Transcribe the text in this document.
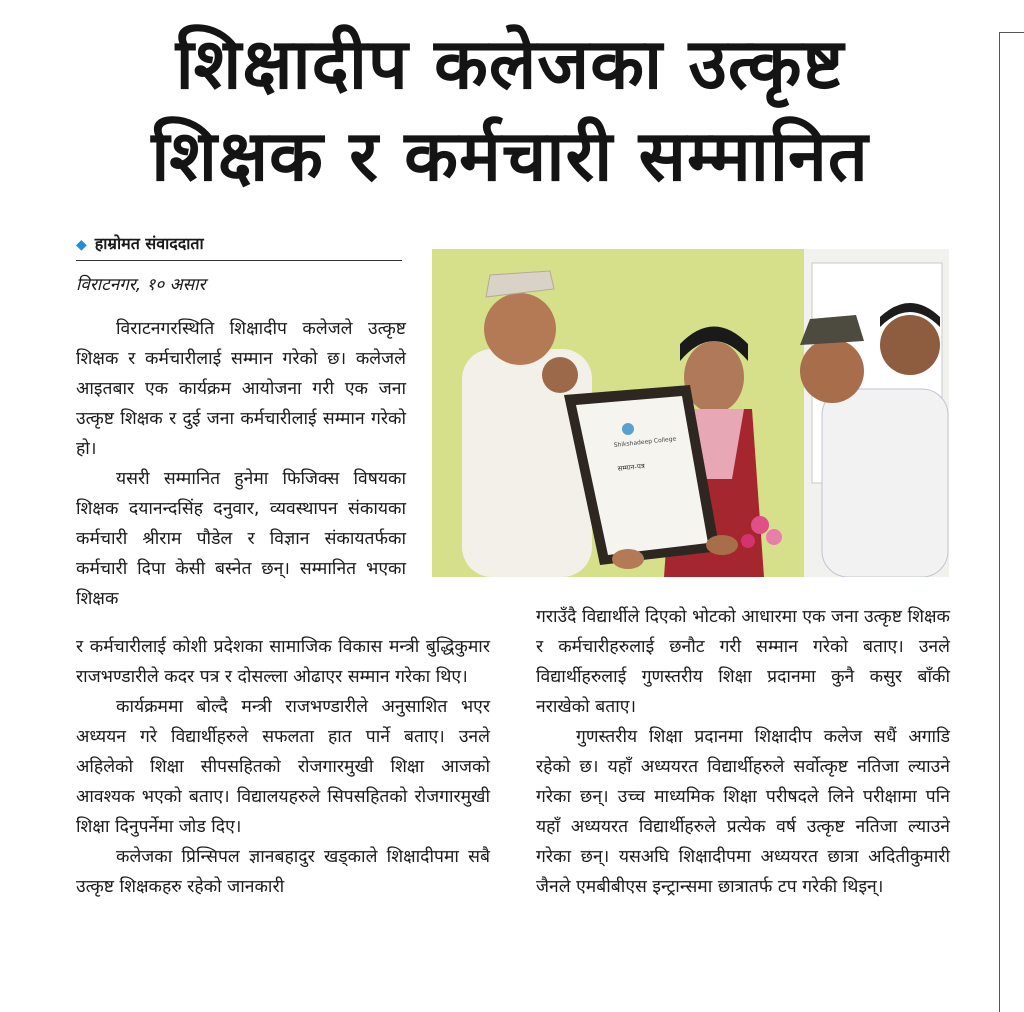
शिक्षादीप कलेजका उत्कृष्ट
शिक्षक र कर्मचारी सम्मानित
◆ हाम्रोमत संवाददाता
विराटनगर, १० असार

विराटनगरस्थिति शिक्षादीप कलेजले उत्कृष्ट शिक्षक र कर्मचारीलाई सम्मान गरेको छ। कलेजले आइतबार एक कार्यक्रम आयोजना गरी एक जना उत्कृष्ट शिक्षक र दुई जना कर्मचारीलाई सम्मान गरेको हो।

यसरी सम्मानित हुनेमा फिजिक्स विषयका शिक्षक दयानन्दसिंह दनुवार, व्यवस्थापन संकायका कर्मचारी श्रीराम पौडेल र विज्ञान संकायतर्फका कर्मचारी दिपा केसी बस्नेत छन्। सम्मानित भएका शिक्षक

र कर्मचारीलाई कोशी प्रदेशका सामाजिक विकास मन्त्री बुद्धिकुमार राजभण्डारीले कदर पत्र र दोसल्ला ओढाएर सम्मान गरेका थिए।

कार्यक्रममा बोल्दै मन्त्री राजभण्डारीले अनुसाशित भएर अध्ययन गरे विद्यार्थीहरुले सफलता हात पार्ने बताए। उनले अहिलेको शिक्षा सीपसहितको रोजगारमुखी शिक्षा आजको आवश्यक भएको बताए। विद्यालयहरुले सिपसहितको रोजगारमुखी शिक्षा दिनुपर्नेमा जोड दिए।

कलेजका प्रिन्सिपल ज्ञानबहादुर खड्काले शिक्षादीपमा सबै उत्कृष्ट शिक्षकहरु रहेको जानकारी

गराउँदै विद्यार्थीले दिएको भोटको आधारमा एक जना उत्कृष्ट शिक्षक र कर्मचारीहरुलाई छनौट गरी सम्मान गरेको बताए। उनले विद्यार्थीहरुलाई गुणस्तरीय शिक्षा प्रदानमा कुनै कसुर बाँकी नराखेको बताए।

गुणस्तरीय शिक्षा प्रदानमा शिक्षादीप कलेज सधैं अगाडि रहेको छ। यहाँ अध्ययरत विद्यार्थीहरुले सर्वोत्कृष्ट नतिजा ल्याउने गरेका छन्। उच्च माध्यमिक शिक्षा परीषदले लिने परीक्षामा पनि यहाँ अध्ययरत विद्यार्थीहरुले प्रत्येक वर्ष उत्कृष्ट नतिजा ल्याउने गरेका छन्। यसअघि शिक्षादीपमा अध्ययरत छात्रा अदितीकुमारी जैनले एमबीबीएस इन्ट्रान्समा छात्रातर्फ टप गरेकी थिइन्।

Shikshadeep College
सम्मान-पत्र
